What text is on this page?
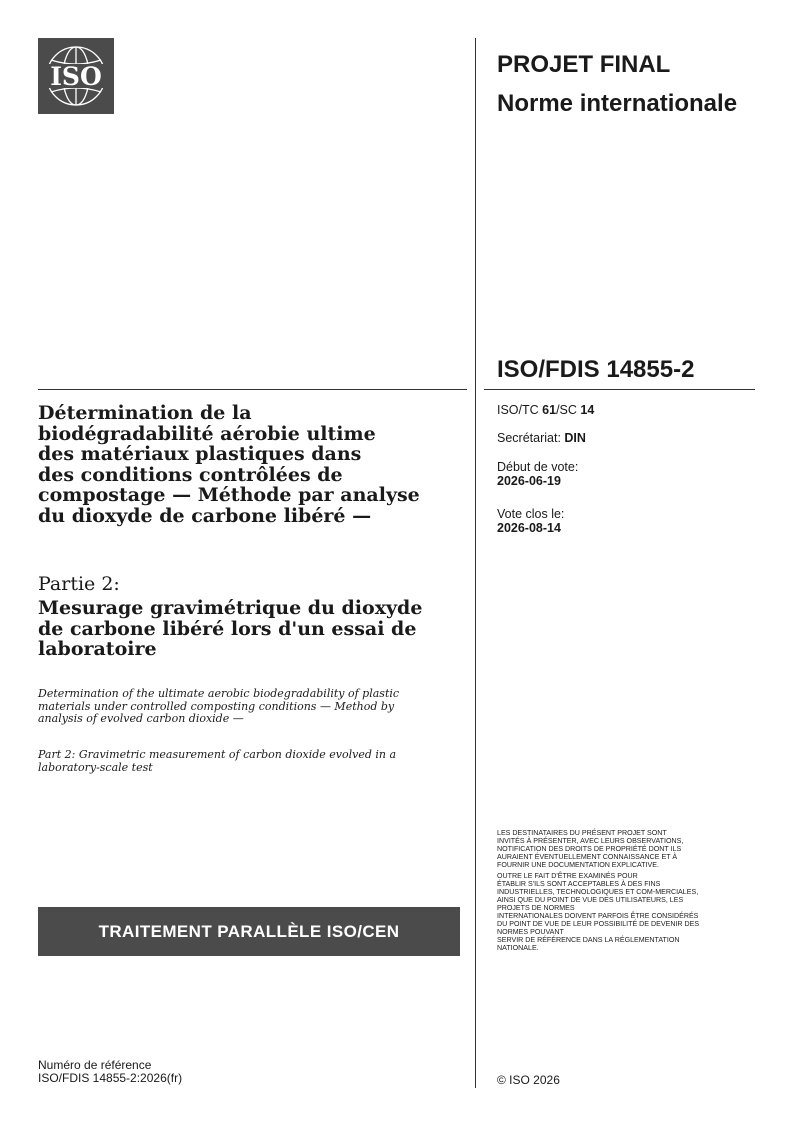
ISO	PROJET FINAL
Norme internationale
ISO/FDIS 14855-2
ISO/TC 61/SC 14
Secrétariat: DIN
Début de vote:
2026-06-19
Vote clos le:
2026-08-14
Détermination de la
biodégradabilité aérobie ultime
des matériaux plastiques dans
des conditions contrôlées de
compostage — Méthode par analyse
du dioxyde de carbone libéré —
Partie 2:
Mesurage gravimétrique du dioxyde
de carbone libéré lors d'un essai de
laboratoire
Determination of the ultimate aerobic biodegradability of plastic
materials under controlled composting conditions — Method by
analysis of evolved carbon dioxide —
Part 2: Gravimetric measurement of carbon dioxide evolved in a
laboratory-scale test
LES DESTINATAIRES DU PRÉSENT PROJET SONT
INVITÉS À PRÉSENTER, AVEC LEURS OBSERVATIONS,
NOTIFICATION DES DROITS DE PROPRIÉTÉ DONT ILS
AURAIENT ÉVENTUELLEMENT CONNAISSANCE ET À
FOURNIR UNE DOCUMENTATION EXPLICATIVE.
OUTRE LE FAIT D'ÊTRE EXAMINÉS POUR
ÉTABLIR S'ILS SONT ACCEPTABLES À DES FINS
INDUSTRIELLES, TECHNOLOGIQUES ET COM-MERCIALES,
AINSI QUE DU POINT DE VUE DES UTILISATEURS, LES
PROJETS DE NORMES
INTERNATIONALES DOIVENT PARFOIS ÊTRE CONSIDÉRÉS
DU POINT DE VUE DE LEUR POSSIBILITÉ DE DEVENIR DES
NORMES POUVANT
SERVIR DE RÉFÉRENCE DANS LA RÉGLEMENTATION
NATIONALE.
TRAITEMENT PARALLÈLE ISO/CEN
Numéro de référence
ISO/FDIS 14855-2:2026(fr)	© ISO 2026
